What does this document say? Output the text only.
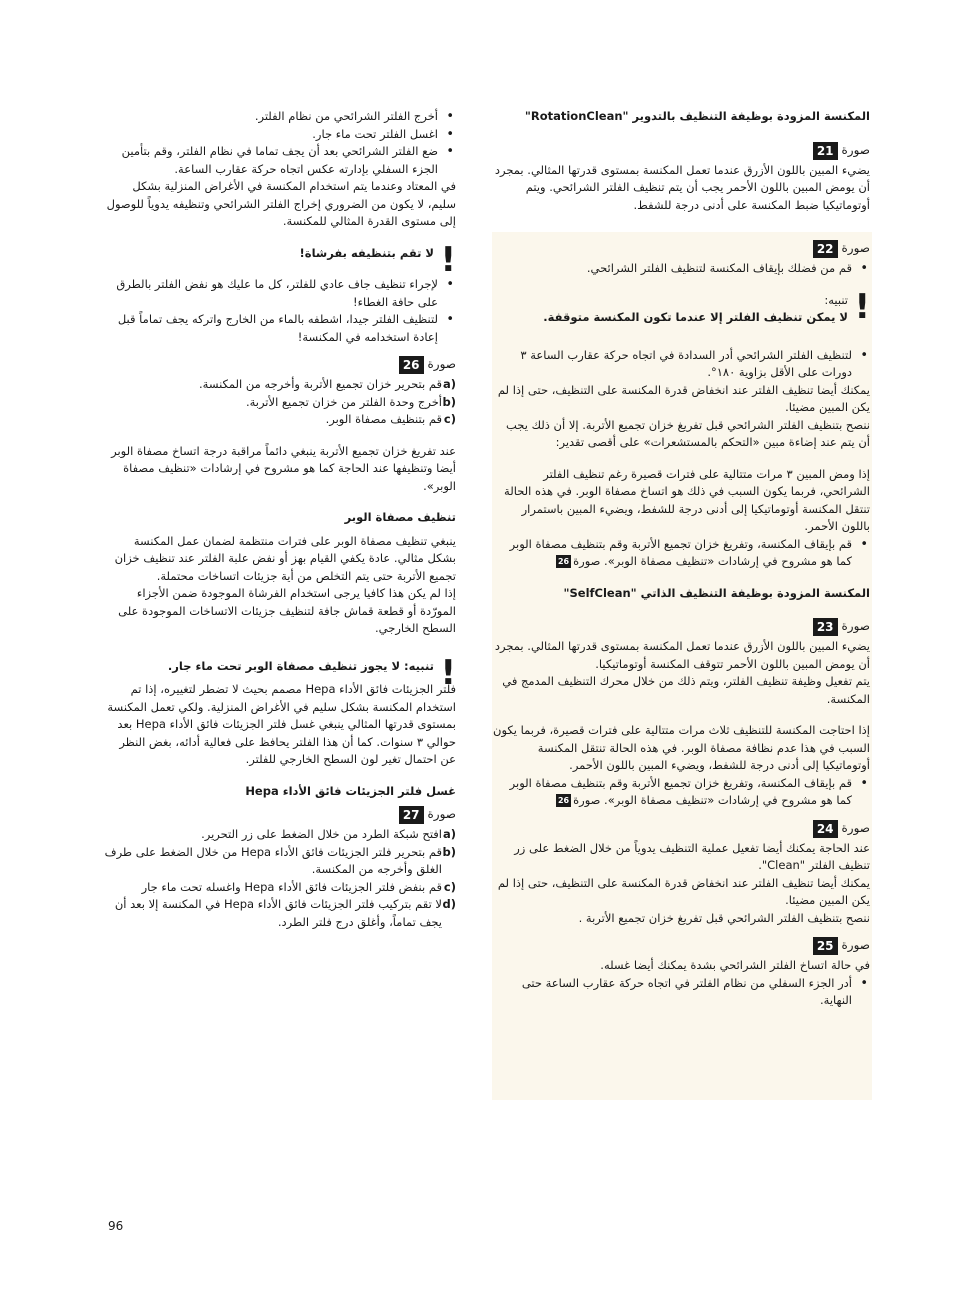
المكنسة المزودة بوظيفة التنظيف بالتدوير "RotationClean"
صورة
21

يضيء المبين باللون الأزرق عندما تعمل المكنسة بمستوى قدرتها المثالي. بمجرد أن يومض المبين باللون الأحمر يجب أن يتم تنظيف الفلتر الشرائحي. ويتم أوتوماتيكيا ضبط المكنسة على أدنى درجة للشفط.

صورة
22
• قم من فضلك بإيقاف المكنسة لتنظيف الفلتر الشرائحي.
!

تنبيه:

لا يمكن تنظيف الفلتر إلا عندما تكون المكنسة متوقفة.

• لتنظيف الفلتر الشرائحي أدر السدادة في اتجاه حركة عقارب الساعة ٣ دورات على الأقل بزاوية ١٨٠°.

يمكنك أيضا تنظيف الفلتر عند انخفاض قدرة المكنسة على التنظيف، حتى إذا لم يكن المبين مضيئا.

ننصح بتنظيف الفلتر الشرائحي قبل تفريغ خزان تجميع الأتربة. إلا أن ذلك يجب أن يتم عند إضاءة مبين «التحكم بالمستشعرات» على أقصى تقدير:

إذا ومض المبين ٣ مرات متتالية على فترات قصيرة رغم تنظيف الفلتر الشرائحي، فربما يكون السبب في ذلك هو اتساخ مصفاة الوبر. في هذه الحالة تنتقل المكنسة أوتوماتيكيا إلى أدنى درجة للشفط، ويضيء المبين باستمرار باللون الأحمر.

• قم بإيقاف المكنسة، وتفريغ خزان تجميع الأتربة وقم بتنظيف مصفاة الوبر كما هو مشروح في إرشادات «تنظيف مصفاة الوبر». صورة26
المكنسة المزودة بوظيفة التنظيف الذاتي "SelfClean"
صورة
23

يضيء المبين باللون الأزرق عندما تعمل المكنسة بمستوى قدرتها المثالي. بمجرد أن يومض المبين باللون الأحمر تتوقف المكنسة أوتوماتيكيا.

يتم تفعيل وظيفة تنظيف الفلتر، ويتم ذلك من خلال محرك التنظيف المدمج في المكنسة.

إذا احتاجت المكنسة للتنظيف ثلاث مرات متتالية على فترات قصيرة، فربما يكون السبب في هذا عدم نظافة مصفاة الوبر. في هذه الحالة تنتقل المكنسة أوتوماتيكيا إلى أدنى درجة للشفط، ويضيء المبين باللون الأحمر.

• قم بإيقاف المكنسة، وتفريغ خزان تجميع الأتربة وقم بتنظيف مصفاة الوبر كما هو مشروح في إرشادات «تنظيف مصفاة الوبر». صورة26
صورة
24

عند الحاجة يمكنك أيضا تفعيل عملية التنظيف يدوياً من خلال الضغط على زر تنظيف الفلتر "Clean".

يمكنك أيضا تنظيف الفلتر عند انخفاض قدرة المكنسة على التنظيف، حتى إذا لم يكن المبين مضيئا.

ننصح بتنظيف الفلتر الشرائحي قبل تفريغ خزان تجميع الأتربة .

صورة
25

في حالة اتساخ الفلتر الشرائحي بشدة يمكنك أيضا غسله.

• أدر الجزء السفلي من نظام الفلتر في اتجاه حركة عقارب الساعة حتى النهاية.
• أخرج الفلتر الشرائحي من نظام الفلتر.
• اغسل الفلتر تحت ماء جار.
• ضع الفلتر الشرائحي بعد أن يجف تماما في نظام الفلتر، وقم بتأمين الجزء السفلي بإدارته عكس اتجاه حركة عقارب الساعة.

في المعتاد وعندما يتم استخدام المكنسة في الأغراض المنزلية بشكل سليم، لا يكون من الضروري إخراج الفلتر الشرائحي وتنظيفه يدوياً للوصول إلى مستوى القدرة المثالي للمكنسة.

!

لا تقم بتنظيفه بفرشاة!

• لإجراء تنظيف جاف عادي للفلتر، كل ما عليك هو نفض الفلتر بالطرق على حافة الغطاء!
• لتنظيف الفلتر جيدا، اشطفه بالماء من الخارج واتركه يجف تماماً قبل إعادة استخدامه في المكنسة!
صورة
26
a)
قم بتحرير خزان تجميع الأتربة وأخرجه من المكنسة.
b)
أخرج وحدة الفلتر من خزان تجميع الأتربة.
c)
قم بتنظيف مصفاة الوبر.

عند تفريغ خزان تجميع الأتربة ينبغي دائماً مراقبة درجة اتساخ مصفاة الوبر أيضا وتنظيفها عند الحاجة كما هو مشروح في إرشادات «تنظيف مصفاة الوبر».

تنظيف مصفاة الوبر

ينبغي تنظيف مصفاة الوبر على فترات منتظمة لضمان عمل المكنسة بشكل مثالي. عادة يكفي القيام بهز أو نفض علبة الفلتر عند تنظيف خزان تجميع الأتربة حتى يتم التخلص من أية جزيئات اتساخات محتملة.

إذا لم يكن هذا كافيا يرجى استخدام الفرشاة الموجودة ضمن الأجزاء المورّدة أو قطعة قماش جافة لتنظيف جزيئات الاتساخات الموجودة على السطح الخارجي.

!

تنبيه: لا يجوز تنظيف مصفاة الوبر تحت ماء جار.

فلتر الجزيئات فائق الأداء Hepa مصمم بحيث لا تضطر لتغييره، إذا تم استخدام المكنسة بشكل سليم في الأغراض المنزلية. ولكي تعمل المكنسة بمستوى قدرتها المثالي ينبغي غسل فلتر الجزيئات فائق الأداء Hepa بعد حوالي ٣ سنوات. كما أن هذا الفلتر يحافظ على فعالية أدائه، بغض النظر عن احتمال تغير لون السطح الخارجي للفلتر.

غسل فلتر الجزيئات فائق الأداء Hepa
صورة
27
a)
افتح شبكة الطرد من خلال الضغط على زر التحرير.
b)
قم بتحرير فلتر الجزيئات فائق الأداء Hepa من خلال الضغط على طرف الغلق وأخرجه من المكنسة.
c)
قم بنفض فلتر الجزيئات فائق الأداء Hepa واغسله تحت ماء جار
d)
لا تقم بتركيب فلتر الجزيئات فائق الأداء Hepa في المكنسة إلا بعد أن يجف تماماً، وأغلق درج فلتر الطرد.
96
